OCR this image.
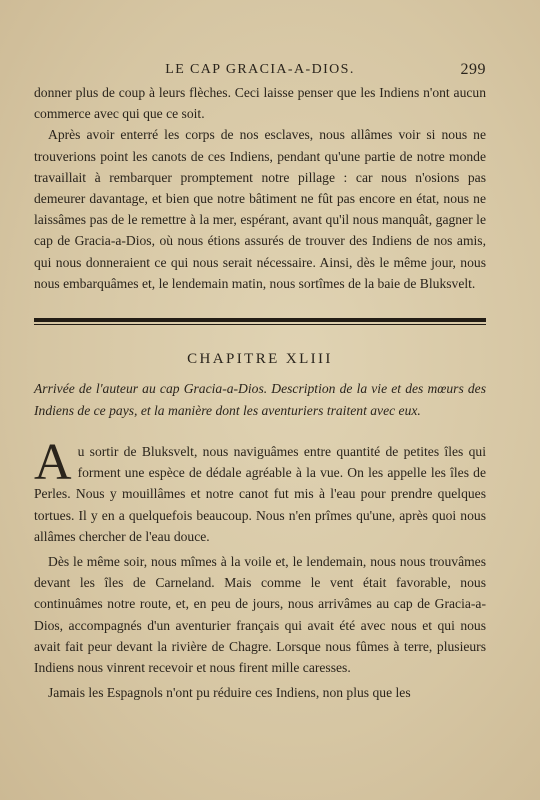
LE CAP GRACIA-A-DIOS.	299

donner plus de coup à leurs flèches. Ceci laisse penser que les Indiens n'ont aucun commerce avec qui que ce soit.

Après avoir enterré les corps de nos esclaves, nous allâmes voir si nous ne trouverions point les canots de ces Indiens, pendant qu'une partie de notre monde travaillait à rembarquer promptement notre pillage : car nous n'osions pas demeurer davantage, et bien que notre bâtiment ne fût pas encore en état, nous ne laissâmes pas de le remettre à la mer, espérant, avant qu'il nous manquât, gagner le cap de Gracia-a-Dios, où nous étions assurés de trouver des Indiens de nos amis, qui nous donneraient ce qui nous serait nécessaire. Ainsi, dès le même jour, nous nous embarquâmes et, le lendemain matin, nous sortîmes de la baie de Bluksvelt.

CHAPITRE XLIII

Arrivée de l'auteur au cap Gracia-a-Dios. Description de la vie et des mœurs des Indiens de ce pays, et la manière dont les aventuriers traitent avec eux.

Au sortir de Bluksvelt, nous naviguâmes entre quantité de petites îles qui forment une espèce de dédale agréable à la vue. On les appelle les îles de Perles. Nous y mouillâmes et notre canot fut mis à l'eau pour prendre quelques tortues. Il y en a quelquefois beaucoup. Nous n'en prîmes qu'une, après quoi nous allâmes chercher de l'eau douce.

Dès le même soir, nous mîmes à la voile et, le lendemain, nous nous trouvâmes devant les îles de Carneland. Mais comme le vent était favorable, nous continuâmes notre route, et, en peu de jours, nous arrivâmes au cap de Gracia-a-Dios, accompagnés d'un aventurier français qui avait été avec nous et qui nous avait fait peur devant la rivière de Chagre. Lorsque nous fûmes à terre, plusieurs Indiens nous vinrent recevoir et nous firent mille caresses.

Jamais les Espagnols n'ont pu réduire ces Indiens, non plus que les
